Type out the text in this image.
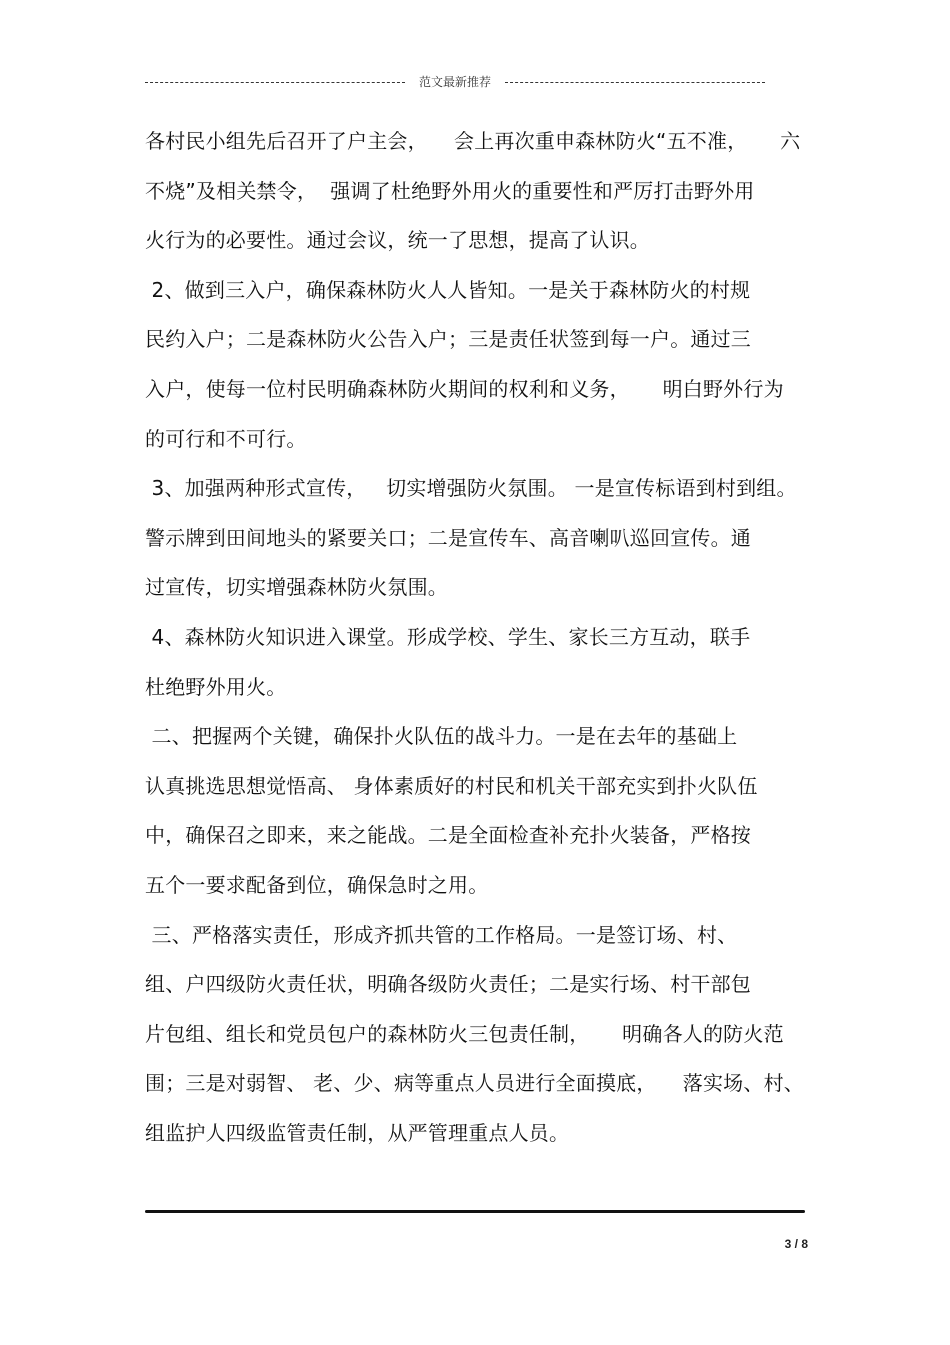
范文最新推荐
各村民小组先后召开了户主会，    会上再次重申森林防火“五不准，     六
不烧”及相关禁令，  强调了杜绝野外用火的重要性和严厉打击野外用
火行为的必要性。通过会议，统一了思想，提高了认识。
2、做到三入户，确保森林防火人人皆知。一是关于森林防火的村规
民约入户；二是森林防火公告入户；三是责任状签到每一户。通过三
入户，使每一位村民明确森林防火期间的权利和义务，     明白野外行为
的可行和不可行。
3、加强两种形式宣传，   切实增强防火氛围。 一是宣传标语到村到组。
警示牌到田间地头的紧要关口；二是宣传车、高音喇叭巡回宣传。通
过宣传，切实增强森林防火氛围。
4、森林防火知识进入课堂。形成学校、学生、家长三方互动，联手
杜绝野外用火。
二、把握两个关键，确保扑火队伍的战斗力。一是在去年的基础上
认真挑选思想觉悟高、 身体素质好的村民和机关干部充实到扑火队伍
中，确保召之即来，来之能战。二是全面检查补充扑火装备，严格按
五个一要求配备到位，确保急时之用。
三、严格落实责任，形成齐抓共管的工作格局。一是签订场、村、
组、户四级防火责任状，明确各级防火责任；二是实行场、村干部包
片包组、组长和党员包户的森林防火三包责任制，     明确各人的防火范
围；三是对弱智、 老、少、病等重点人员进行全面摸底，    落实场、村、
组监护人四级监管责任制，从严管理重点人员。
3 / 8
